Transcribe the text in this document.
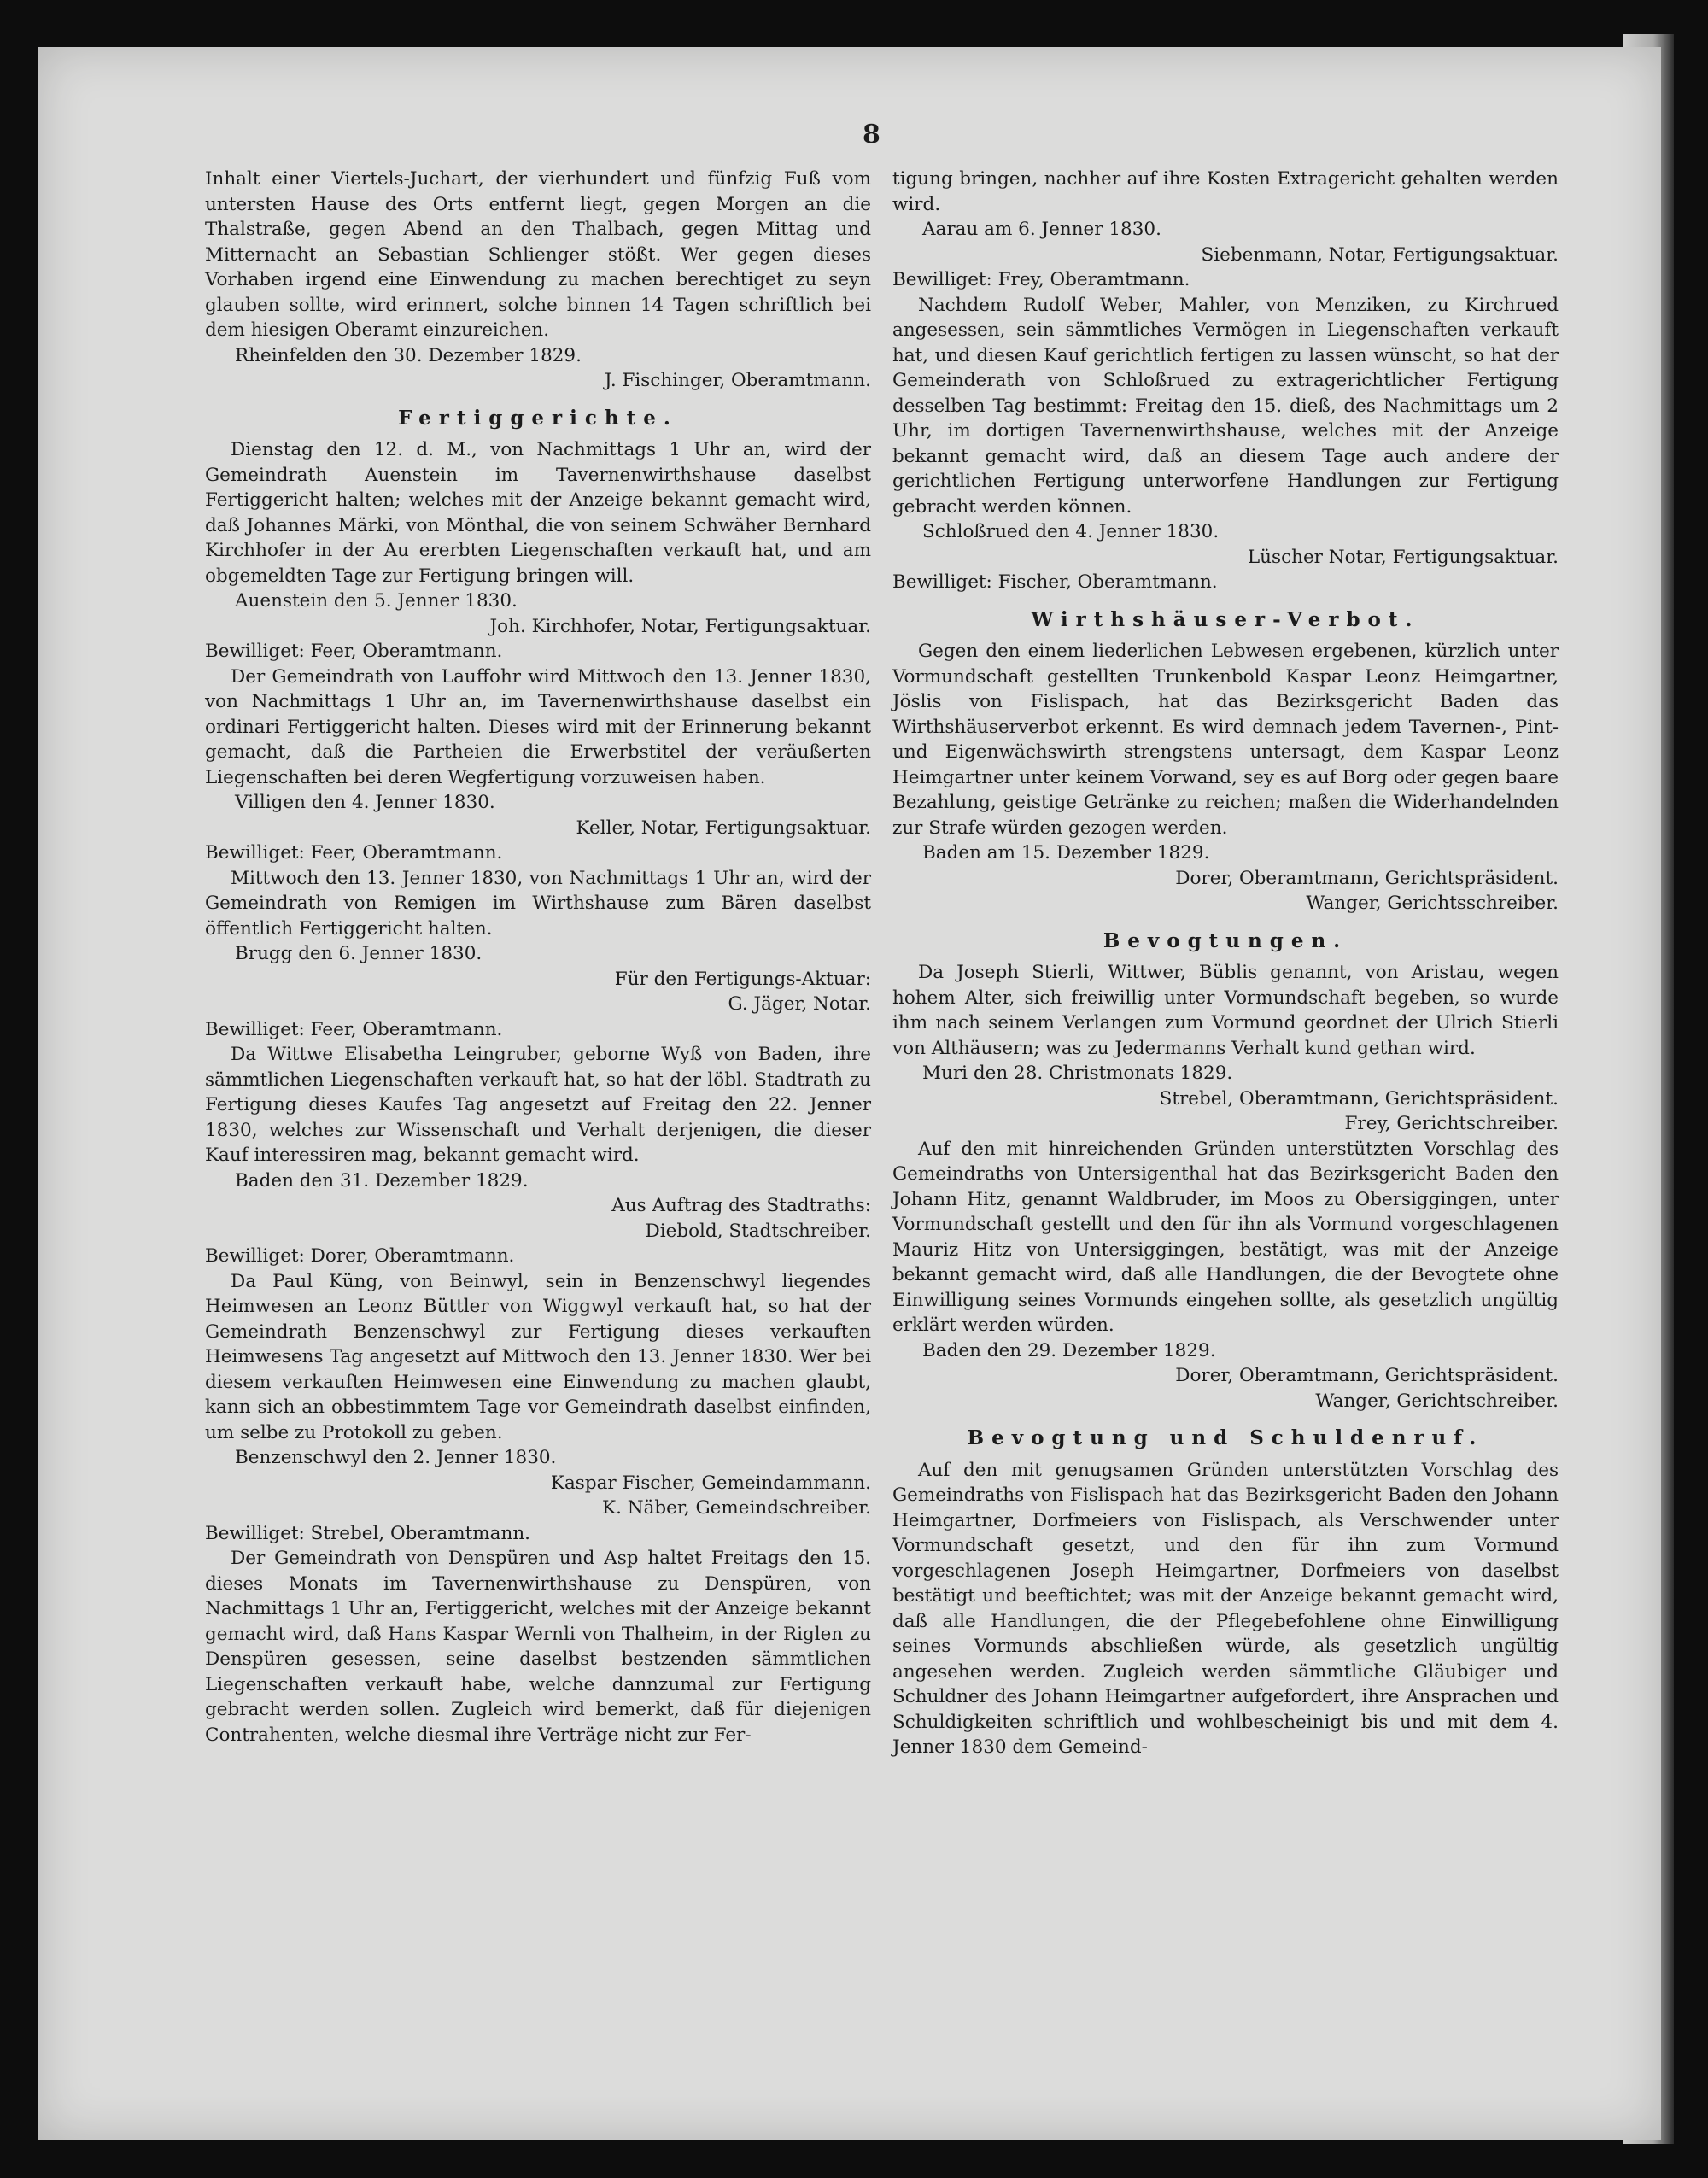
8

Inhalt einer Viertels-Juchart, der vierhundert und fünfzig Fuß vom untersten Hause des Orts entfernt liegt, gegen Morgen an die Thalstraße, gegen Abend an den Thalbach, gegen Mittag und Mitternacht an Sebastian Schlienger stößt. Wer gegen dieses Vorhaben irgend eine Einwendung zu machen berechtiget zu seyn glauben sollte, wird erinnert, solche binnen 14 Tagen schriftlich bei dem hiesigen Oberamt einzureichen.

Rheinfelden den 30. Dezember 1829.

J. Fischinger, Oberamtmann.

Fertiggerichte.

Dienstag den 12. d. M., von Nachmittags 1 Uhr an, wird der Gemeindrath Auenstein im Tavernenwirthshause daselbst Fertiggericht halten; welches mit der Anzeige bekannt gemacht wird, daß Johannes Märki, von Mönthal, die von seinem Schwäher Bernhard Kirchhofer in der Au ererbten Liegenschaften verkauft hat, und am obgemeldten Tage zur Fertigung bringen will.

Auenstein den 5. Jenner 1830.

Joh. Kirchhofer, Notar, Fertigungsaktuar.

Bewilliget: Feer, Oberamtmann.

Der Gemeindrath von Lauffohr wird Mittwoch den 13. Jenner 1830, von Nachmittags 1 Uhr an, im Tavernenwirthshause daselbst ein ordinari Fertiggericht halten. Dieses wird mit der Erinnerung bekannt gemacht, daß die Partheien die Erwerbstitel der veräußerten Liegenschaften bei deren Wegfertigung vorzuweisen haben.

Villigen den 4. Jenner 1830.

Keller, Notar, Fertigungsaktuar.

Bewilliget: Feer, Oberamtmann.

Mittwoch den 13. Jenner 1830, von Nachmittags 1 Uhr an, wird der Gemeindrath von Remigen im Wirthshause zum Bären daselbst öffentlich Fertiggericht halten.

Brugg den 6. Jenner 1830.

Für den Fertigungs-Aktuar:

G. Jäger, Notar.

Bewilliget: Feer, Oberamtmann.

Da Wittwe Elisabetha Leingruber, geborne Wyß von Baden, ihre sämmtlichen Liegenschaften verkauft hat, so hat der löbl. Stadtrath zu Fertigung dieses Kaufes Tag angesetzt auf Freitag den 22. Jenner 1830, welches zur Wissenschaft und Verhalt derjenigen, die dieser Kauf interessiren mag, bekannt gemacht wird.

Baden den 31. Dezember 1829.

Aus Auftrag des Stadtraths:

Diebold, Stadtschreiber.

Bewilliget: Dorer, Oberamtmann.

Da Paul Küng, von Beinwyl, sein in Benzenschwyl liegendes Heimwesen an Leonz Büttler von Wiggwyl verkauft hat, so hat der Gemeindrath Benzenschwyl zur Fertigung dieses verkauften Heimwesens Tag angesetzt auf Mittwoch den 13. Jenner 1830. Wer bei diesem verkauften Heimwesen eine Einwendung zu machen glaubt, kann sich an obbestimmtem Tage vor Gemeindrath daselbst einfinden, um selbe zu Protokoll zu geben.

Benzenschwyl den 2. Jenner 1830.

Kaspar Fischer, Gemeindammann.

K. Näber, Gemeindschreiber.

Bewilliget: Strebel, Oberamtmann.

Der Gemeindrath von Denspüren und Asp haltet Freitags den 15. dieses Monats im Tavernenwirthshause zu Denspüren, von Nachmittags 1 Uhr an, Fertiggericht, welches mit der Anzeige bekannt gemacht wird, daß Hans Kaspar Wernli von Thalheim, in der Riglen zu Denspüren gesessen, seine daselbst bestzenden sämmtlichen Liegenschaften verkauft habe, welche dannzumal zur Fertigung gebracht werden sollen. Zugleich wird bemerkt, daß für diejenigen Contrahenten, welche diesmal ihre Verträge nicht zur Fer-

tigung bringen, nachher auf ihre Kosten Extragericht gehalten werden wird.

Aarau am 6. Jenner 1830.

Siebenmann, Notar, Fertigungsaktuar.

Bewilliget: Frey, Oberamtmann.

Nachdem Rudolf Weber, Mahler, von Menziken, zu Kirchrued angesessen, sein sämmtliches Vermögen in Liegenschaften verkauft hat, und diesen Kauf gerichtlich fertigen zu lassen wünscht, so hat der Gemeinderath von Schloßrued zu extragerichtlicher Fertigung desselben Tag bestimmt: Freitag den 15. dieß, des Nachmittags um 2 Uhr, im dortigen Tavernenwirthshause, welches mit der Anzeige bekannt gemacht wird, daß an diesem Tage auch andere der gerichtlichen Fertigung unterworfene Handlungen zur Fertigung gebracht werden können.

Schloßrued den 4. Jenner 1830.

Lüscher Notar, Fertigungsaktuar.

Bewilliget: Fischer, Oberamtmann.

Wirthshäuser-Verbot.

Gegen den einem liederlichen Lebwesen ergebenen, kürzlich unter Vormundschaft gestellten Trunkenbold Kaspar Leonz Heimgartner, Jöslis von Fislispach, hat das Bezirksgericht Baden das Wirthshäuserverbot erkennt. Es wird demnach jedem Tavernen-, Pint- und Eigenwächswirth strengstens untersagt, dem Kaspar Leonz Heimgartner unter keinem Vorwand, sey es auf Borg oder gegen baare Bezahlung, geistige Getränke zu reichen; maßen die Widerhandelnden zur Strafe würden gezogen werden.

Baden am 15. Dezember 1829.

Dorer, Oberamtmann, Gerichtspräsident.

Wanger, Gerichtsschreiber.

Bevogtungen.

Da Joseph Stierli, Wittwer, Büblis genannt, von Aristau, wegen hohem Alter, sich freiwillig unter Vormundschaft begeben, so wurde ihm nach seinem Verlangen zum Vormund geordnet der Ulrich Stierli von Althäusern; was zu Jedermanns Verhalt kund gethan wird.

Muri den 28. Christmonats 1829.

Strebel, Oberamtmann, Gerichtspräsident.

Frey, Gerichtschreiber.

Auf den mit hinreichenden Gründen unterstützten Vorschlag des Gemeindraths von Untersigenthal hat das Bezirksgericht Baden den Johann Hitz, genannt Waldbruder, im Moos zu Obersiggingen, unter Vormundschaft gestellt und den für ihn als Vormund vorgeschlagenen Mauriz Hitz von Untersiggingen, bestätigt, was mit der Anzeige bekannt gemacht wird, daß alle Handlungen, die der Bevogtete ohne Einwilligung seines Vormunds eingehen sollte, als gesetzlich ungültig erklärt werden würden.

Baden den 29. Dezember 1829.

Dorer, Oberamtmann, Gerichtspräsident.

Wanger, Gerichtschreiber.

Bevogtung und Schuldenruf.

Auf den mit genugsamen Gründen unterstützten Vorschlag des Gemeindraths von Fislispach hat das Bezirksgericht Baden den Johann Heimgartner, Dorfmeiers von Fislispach, als Verschwender unter Vormundschaft gesetzt, und den für ihn zum Vormund vorgeschlagenen Joseph Heimgartner, Dorfmeiers von daselbst bestätigt und beeftichtet; was mit der Anzeige bekannt gemacht wird, daß alle Handlungen, die der Pflegebefohlene ohne Einwilligung seines Vormunds abschließen würde, als gesetzlich ungültig angesehen werden. Zugleich werden sämmtliche Gläubiger und Schuldner des Johann Heimgartner aufgefordert, ihre Ansprachen und Schuldigkeiten schriftlich und wohlbescheinigt bis und mit dem 4. Jenner 1830 dem Gemeind-
